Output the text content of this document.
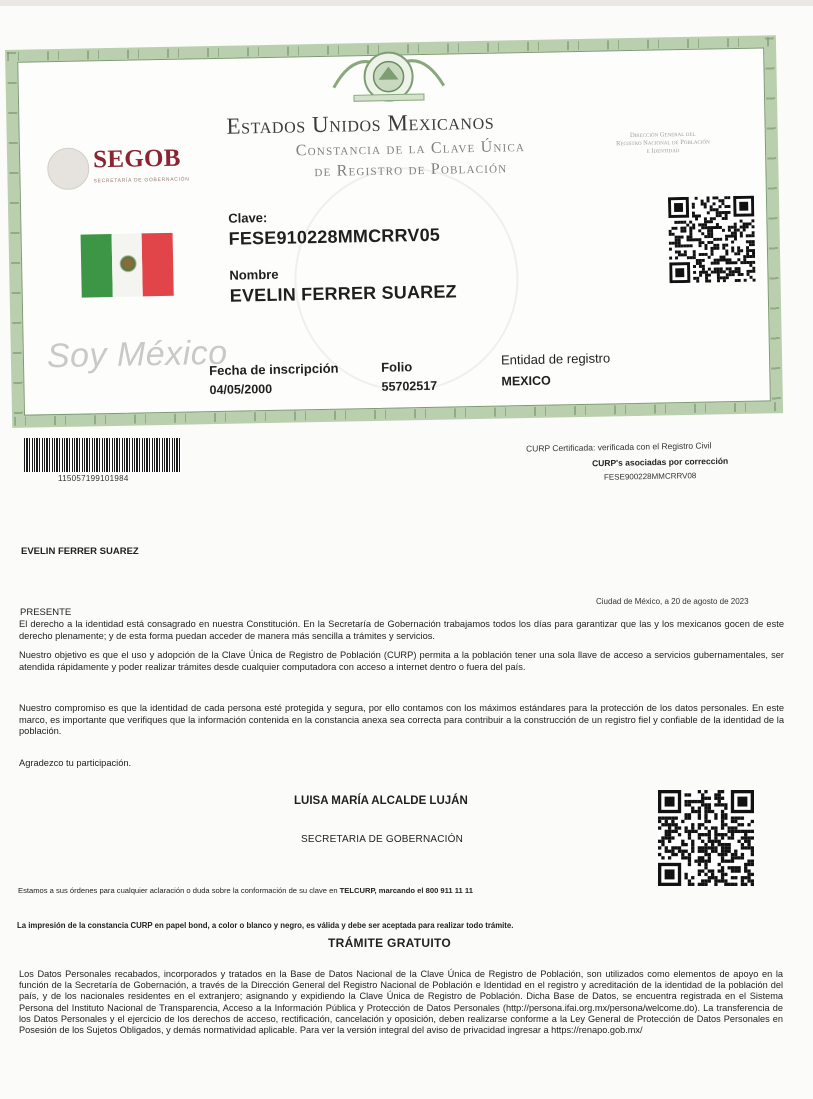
SEGOB
SECRETARÍA DE GOBERNACIÓN
Estados Unidos Mexicanos
Constancia de la Clave Única
de Registro de Población
Dirección General del
Registro Nacional de Población
e Identidad
Clave:
FESE910228MMCRRV05
Nombre
EVELIN FERRER SUAREZ
Soy México
Fecha de inscripción
04/05/2000
Folio
55702517
Entidad de registro
MEXICO
115057199101984
CURP Certificada: verificada con el Registro Civil
CURP's asociadas por corrección
FESE900228MMCRRV08
EVELIN FERRER SUAREZ
Ciudad de México, a 20 de agosto de 2023
PRESENTE
El derecho a la identidad está consagrado en nuestra Constitución. En la Secretaría de Gobernación trabajamos todos los días para garantizar que las y los mexicanos gocen de este derecho plenamente; y de esta forma puedan acceder de manera más sencilla a trámites y servicios.
Nuestro objetivo es que el uso y adopción de la Clave Única de Registro de Población (CURP) permita a la población tener una sola llave de acceso a servicios gubernamentales, ser atendida rápidamente y poder realizar trámites desde cualquier computadora con acceso a internet dentro o fuera del país.
Nuestro compromiso es que la identidad de cada persona esté protegida y segura, por ello contamos con los máximos estándares para la protección de los datos personales. En este marco, es importante que verifiques que la información contenida en la constancia anexa sea correcta para contribuir a la construcción de un registro fiel y confiable de la identidad de la población.
Agradezco tu participación.
LUISA MARÍA ALCALDE LUJÁN
SECRETARIA DE GOBERNACIÓN
Estamos a sus órdenes para cualquier aclaración o duda sobre la conformación de su clave en TELCURP, marcando el 800 911 11 11
La impresión de la constancia CURP en papel bond, a color o blanco y negro, es válida y debe ser aceptada para realizar todo trámite.
TRÁMITE GRATUITO
Los Datos Personales recabados, incorporados y tratados en la Base de Datos Nacional de la Clave Única de Registro de Población, son utilizados como elementos de apoyo en la función de la Secretaría de Gobernación, a través de la Dirección General del Registro Nacional de Población e Identidad en el registro y acreditación de la identidad de la población del país, y de los nacionales residentes en el extranjero; asignando y expidiendo la Clave Única de Registro de Población. Dicha Base de Datos, se encuentra registrada en el Sistema Persona del Instituto Nacional de Transparencia, Acceso a la Información Pública y Protección de Datos Personales (http://persona.ifai.org.mx/persona/welcome.do). La transferencia de los Datos Personales y el ejercicio de los derechos de acceso, rectificación, cancelación y oposición, deben realizarse conforme a la Ley General de Protección de Datos Personales en Posesión de los Sujetos Obligados, y demás normatividad aplicable. Para ver la versión integral del aviso de privacidad ingresar a https://renapo.gob.mx/
